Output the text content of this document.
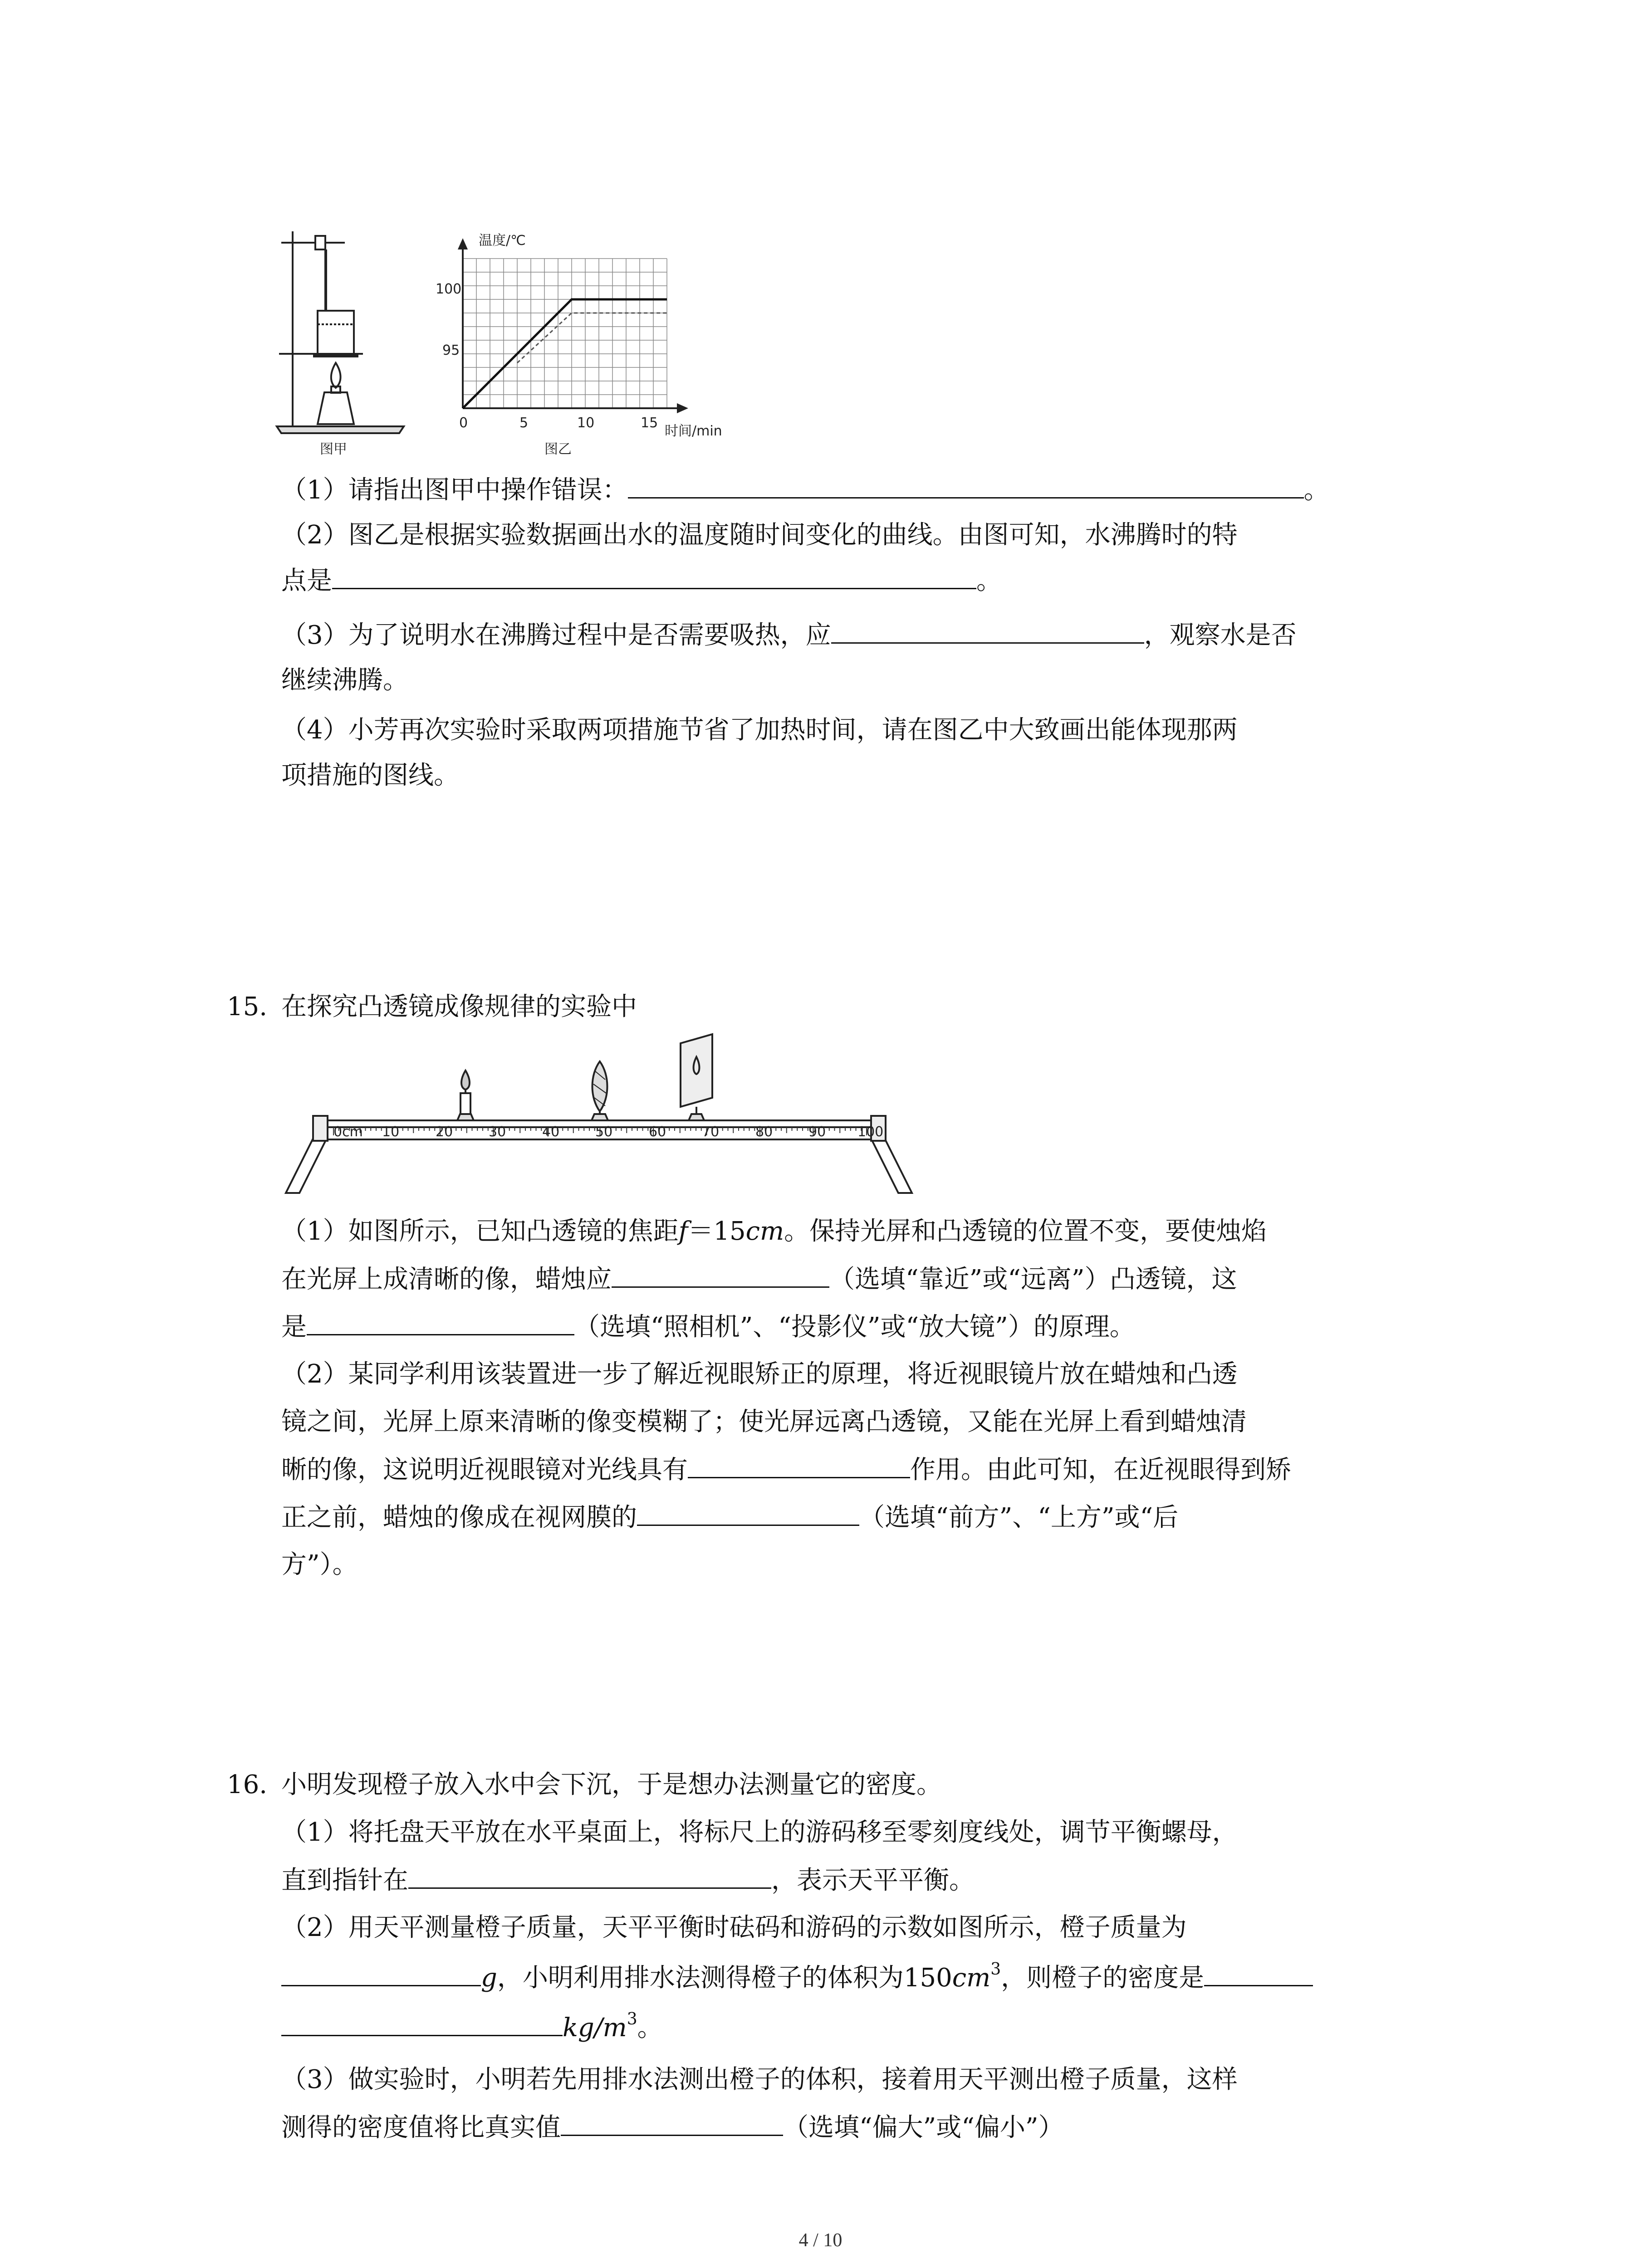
图甲
温度/℃
100
95
0	5	10	15
时间/min
图乙
（1）请指出图甲中操作错误：	。
（2）图乙是根据实验数据画出水的温度随时间变化的曲线。由图可知，水沸腾时的特
点是	。
（3）为了说明水在沸腾过程中是否需要吸热，应	，观察水是否
继续沸腾。
（4）小芳再次实验时采取两项措施节省了加热时间，请在图乙中大致画出能体现那两
项措施的图线。
15. 在探究凸透镜成像规律的实验中
0cm 10	20	30	40	50	60	70	80	90 100
（1）如图所示，已知凸透镜的焦距f＝15cm。保持光屏和凸透镜的位置不变，要使烛焰
在光屏上成清晰的像，蜡烛应	（选填“靠近”或“远离”）凸透镜，这
是	（选填“照相机”、“投影仪”或“放大镜”）的原理。
（2）某同学利用该装置进一步了解近视眼矫正的原理，将近视眼镜片放在蜡烛和凸透
镜之间，光屏上原来清晰的像变模糊了；使光屏远离凸透镜，又能在光屏上看到蜡烛清
晰的像，这说明近视眼镜对光线具有	作用。由此可知，在近视眼得到矫
正之前，蜡烛的像成在视网膜的	（选填“前方”、“上方”或“后
方”）。
16. 小明发现橙子放入水中会下沉，于是想办法测量它的密度。
（1）将托盘天平放在水平桌面上，将标尺上的游码移至零刻度线处，调节平衡螺母，
直到指针在	，表示天平平衡。
（2）用天平测量橙子质量，天平平衡时砝码和游码的示数如图所示，橙子质量为
g，小明利用排水法测得橙子的体积为$150cm^3$，则橙子的密度是
$kg/m^3$。
（3）做实验时，小明若先用排水法测出橙子的体积，接着用天平测出橙子质量，这样
测得的密度值将比真实值	（选填“偏大”或“偏小”）
4 / 10
